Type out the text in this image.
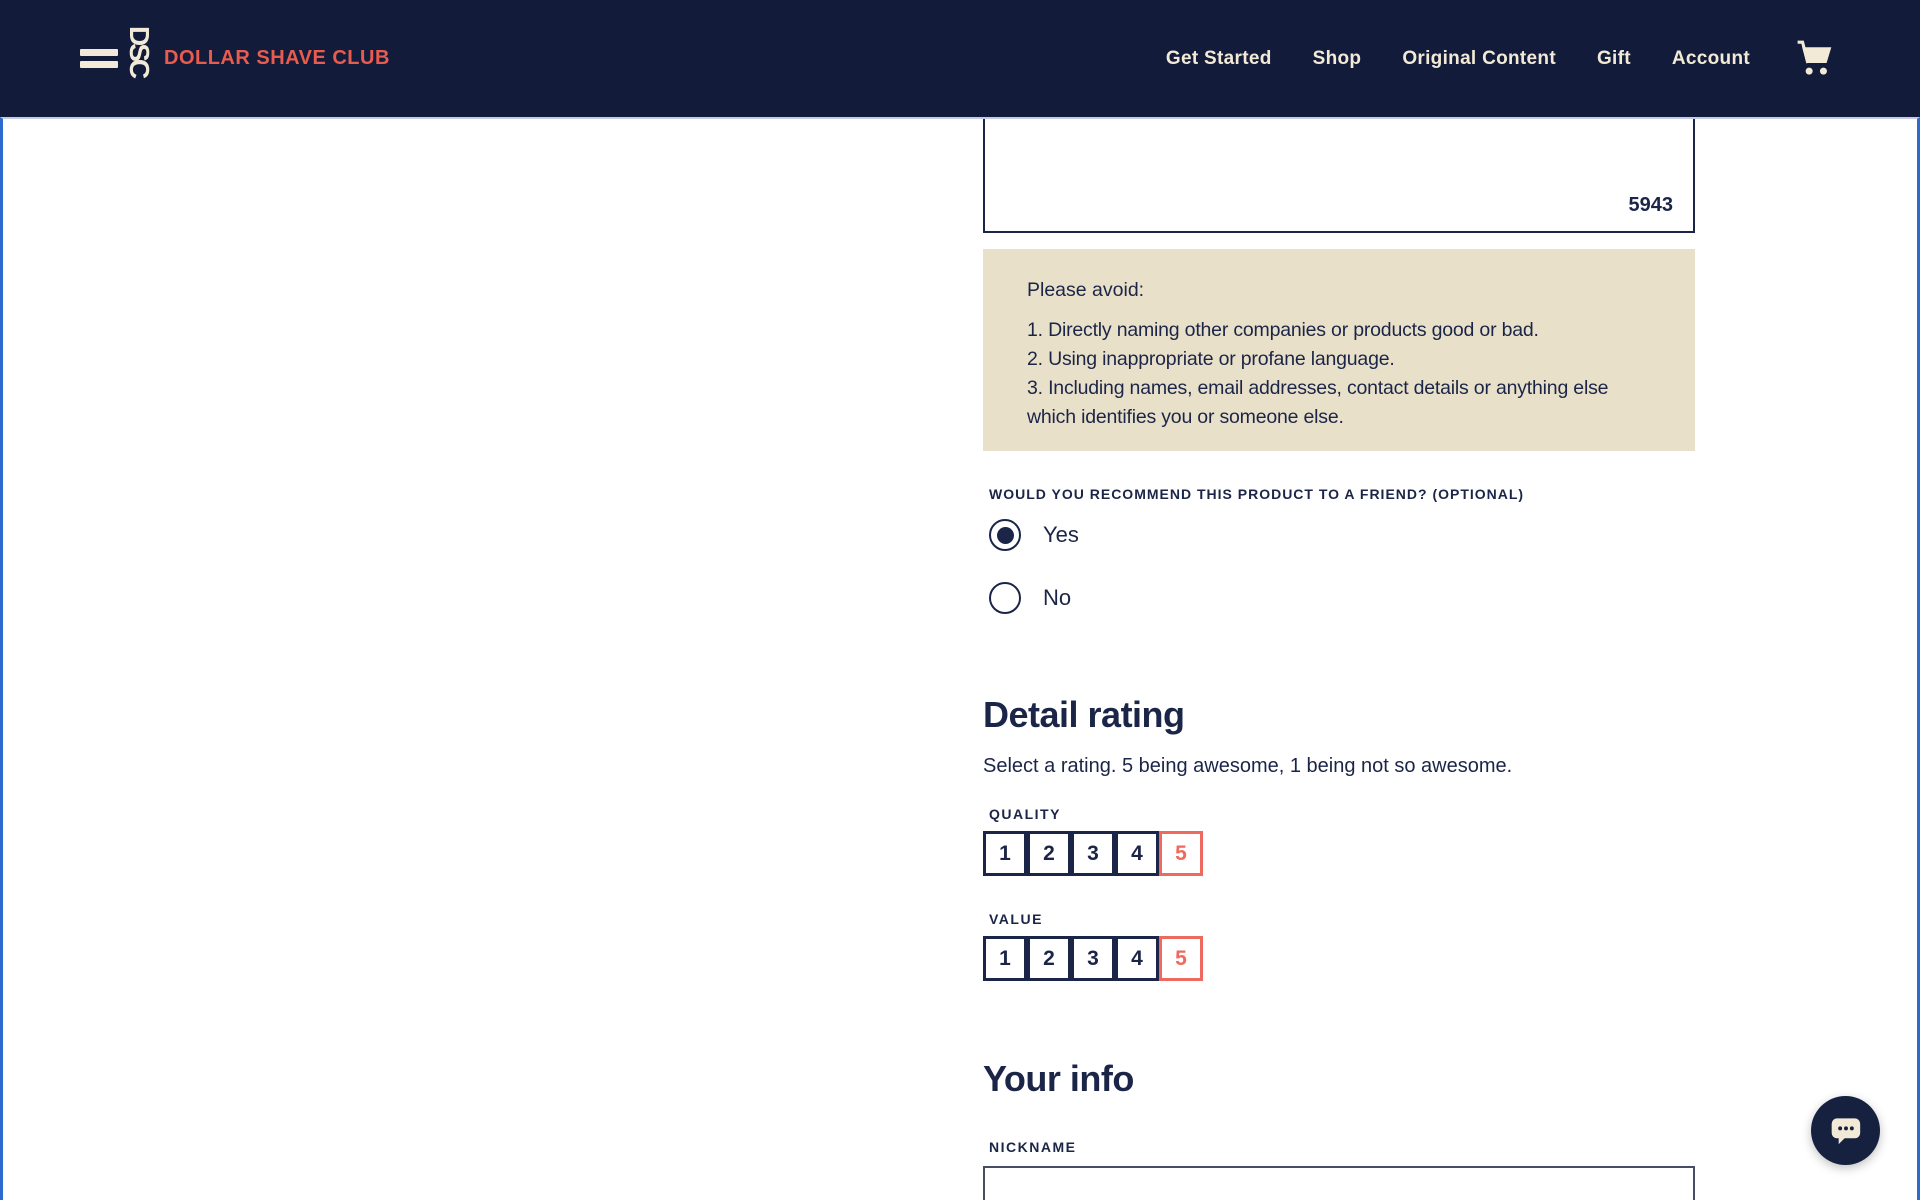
DSC DOLLAR SHAVE CLUB	Get Started Shop Original Content Gift Account
5943
Please avoid:
1. Directly naming other companies or products good or bad.
2. Using inappropriate or profane language.
3. Including names, email addresses, contact details or anything else which identifies you or someone else.
WOULD YOU RECOMMEND THIS PRODUCT TO A FRIEND? (OPTIONAL)
Yes
No
Detail rating
Select a rating. 5 being awesome, 1 being not so awesome.
QUALITY
1	2	3	4	5
VALUE
1	2	3	4	5
Your info
NICKNAME
